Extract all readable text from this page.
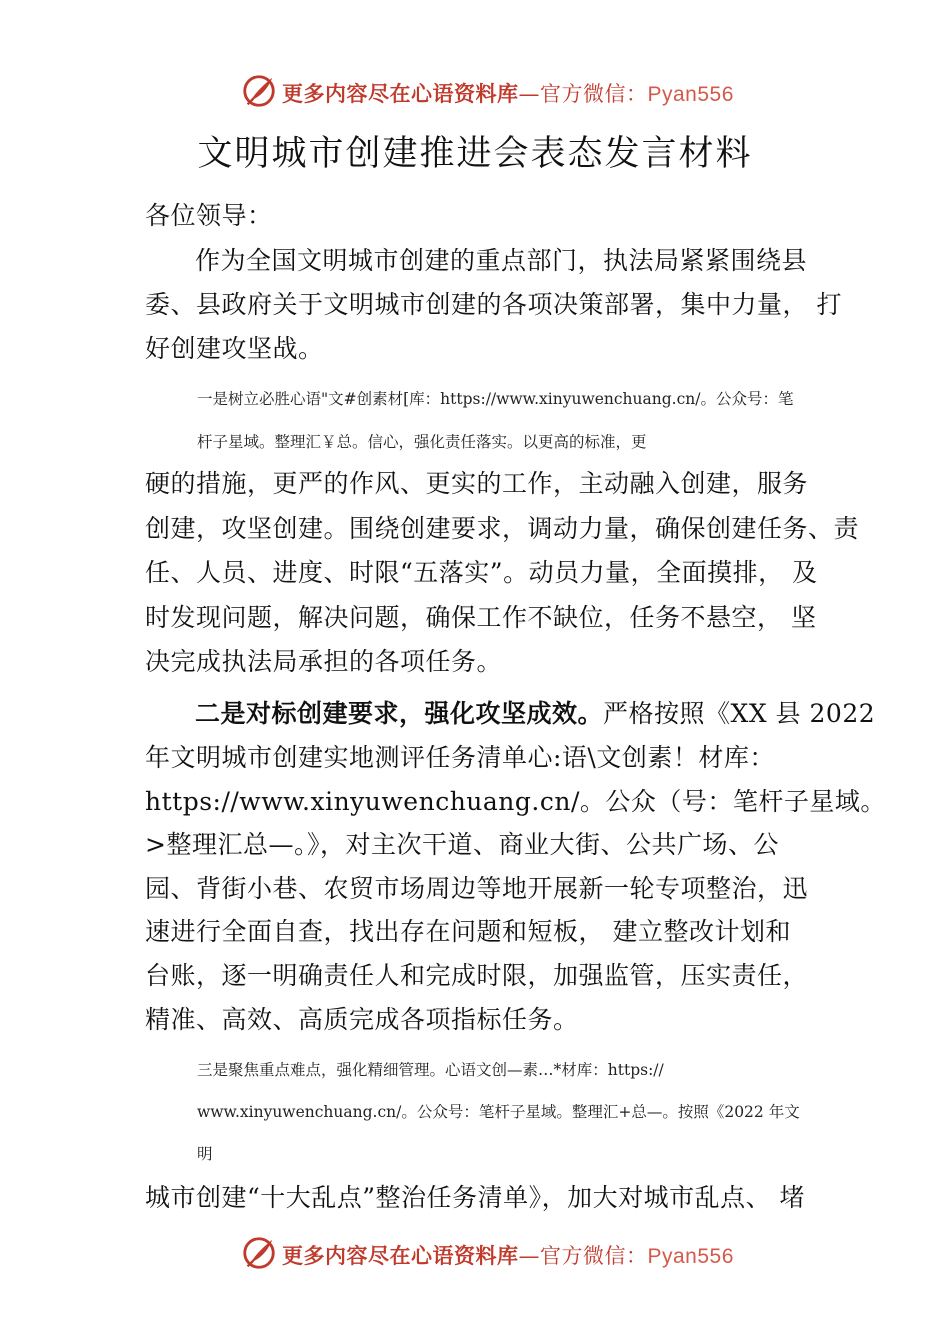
更多内容尽在心语资料库—官方微信：Pyan556
文明城市创建推进会表态发言材料
各位领导：
作为全国文明城市创建的重点部门，执法局紧紧围绕县
委、县政府关于文明城市创建的各项决策部署，集中力量， 打
好创建攻坚战。
一是树立必胜心语"文#创素材[库：https://www.xinyuwenchuang.cn/。公众号：笔
杆子星域。整理汇￥总。信心，强化责任落实。以更高的标准，更
硬的措施，更严的作风、更实的工作，主动融入创建，服务
创建，攻坚创建。围绕创建要求，调动力量，确保创建任务、责
任、人员、进度、时限“五落实”。动员力量，全面摸排， 及
时发现问题，解决问题，确保工作不缺位，任务不悬空， 坚
决完成执法局承担的各项任务。
二是对标创建要求，强化攻坚成效。严格按照《XX 县 2022
年文明城市创建实地测评任务清单心:语\文创素！材库：
https://www.xinyuwenchuang.cn/。公众（号：笔杆子星域。
>整理汇总—。》，对主次干道、商业大街、公共广场、公
园、背街小巷、农贸市场周边等地开展新一轮专项整治，迅
速进行全面自查，找出存在问题和短板， 建立整改计划和
台账，逐一明确责任人和完成时限，加强监管，压实责任，
精准、高效、高质完成各项指标任务。
三是聚焦重点难点，强化精细管理。心语文创—素…*材库：https://
www.xinyuwenchuang.cn/。公众号：笔杆子星域。整理汇+总—。按照《2022 年文
明
城市创建“十大乱点”整治任务清单》，加大对城市乱点、 堵
更多内容尽在心语资料库—官方微信：Pyan556
